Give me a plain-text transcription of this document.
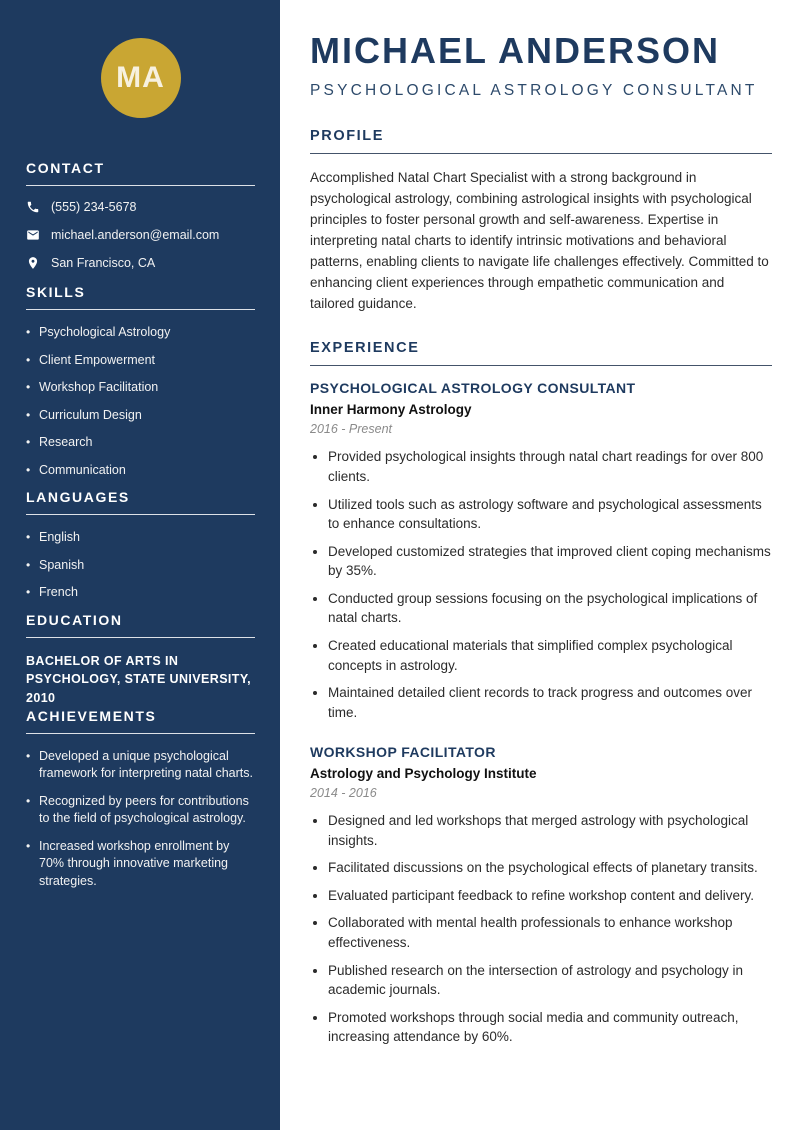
MA
CONTACT
(555) 234-5678
michael.anderson@email.com
San Francisco, CA
SKILLS
• Psychological Astrology
• Client Empowerment
• Workshop Facilitation
• Curriculum Design
• Research
• Communication
LANGUAGES
• English
• Spanish
• French
EDUCATION

BACHELOR OF ARTS IN PSYCHOLOGY, STATE UNIVERSITY, 2010

ACHIEVEMENTS
• Developed a unique psychological framework for interpreting natal charts.
• Recognized by peers for contributions to the field of psychological astrology.
• Increased workshop enrollment by 70% through innovative marketing strategies.
MICHAEL ANDERSON
PSYCHOLOGICAL ASTROLOGY CONSULTANT
PROFILE

Accomplished Natal Chart Specialist with a strong background in psychological astrology, combining astrological insights with psychological principles to foster personal growth and self-awareness. Expertise in interpreting natal charts to identify intrinsic motivations and behavioral patterns, enabling clients to navigate life challenges effectively. Committed to enhancing client experiences through empathetic communication and tailored guidance.

EXPERIENCE
PSYCHOLOGICAL ASTROLOGY CONSULTANT

Inner Harmony Astrology

2016 - Present

• Provided psychological insights through natal chart readings for over 800 clients.
• Utilized tools such as astrology software and psychological assessments to enhance consultations.
• Developed customized strategies that improved client coping mechanisms by 35%.
• Conducted group sessions focusing on the psychological implications of natal charts.
• Created educational materials that simplified complex psychological concepts in astrology.
• Maintained detailed client records to track progress and outcomes over time.
WORKSHOP FACILITATOR

Astrology and Psychology Institute

2014 - 2016

• Designed and led workshops that merged astrology with psychological insights.
• Facilitated discussions on the psychological effects of planetary transits.
• Evaluated participant feedback to refine workshop content and delivery.
• Collaborated with mental health professionals to enhance workshop effectiveness.
• Published research on the intersection of astrology and psychology in academic journals.
• Promoted workshops through social media and community outreach, increasing attendance by 60%.
